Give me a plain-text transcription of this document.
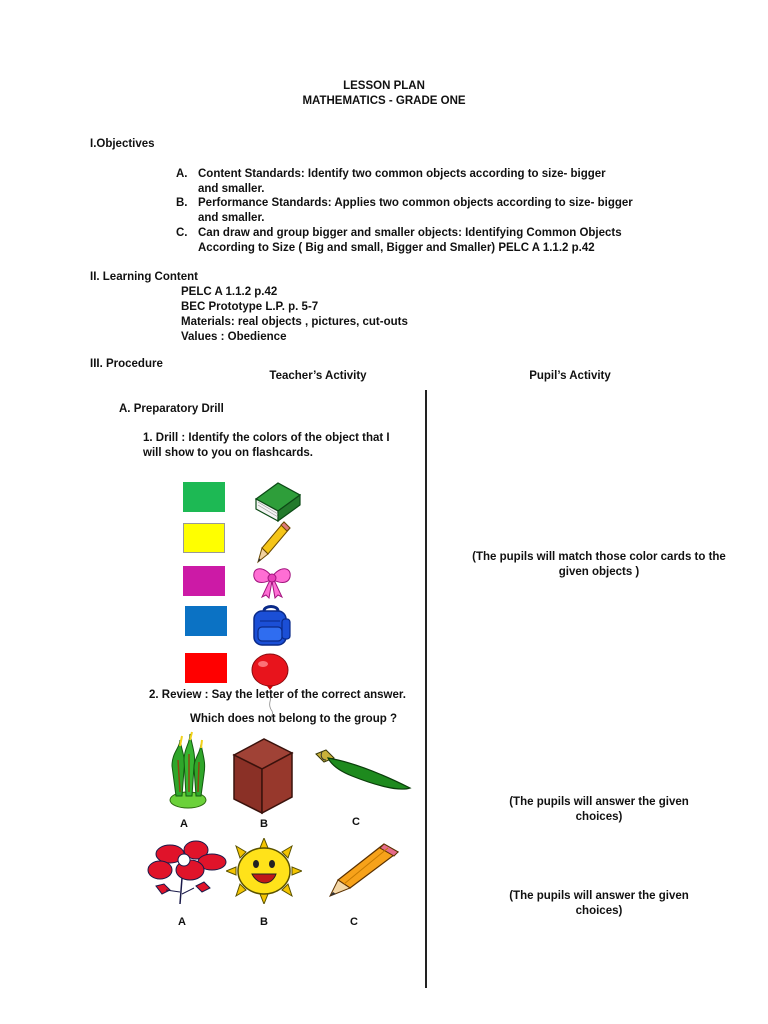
LESSON PLAN
MATHEMATICS - GRADE ONE
I.Objectives
A. Content Standards: Identify two common objects according to size- bigger
and smaller.
B. Performance Standards: Applies two common objects according to size- bigger
and smaller.
C. Can draw and group bigger and smaller objects: Identifying Common Objects
According to Size ( Big and small, Bigger and Smaller) PELC A 1.1.2 p.42
II. Learning Content
PELC A 1.1.2 p.42
BEC Prototype L.P. p. 5-7
Materials: real objects , pictures, cut-outs
Values : Obedience
III. Procedure
Teacher’s Activity	Pupil’s Activity
A. Preparatory Drill
1. Drill : Identify the colors of the object that I
will show to you on flashcards.
(The pupils will match those color cards to the
given objects )
2. Review : Say the letter of the correct answer.
Which does not belong to the group ?
A	B	C
(The pupils will answer the given
choices)
A	B	C
(The pupils will answer the given
choices)
